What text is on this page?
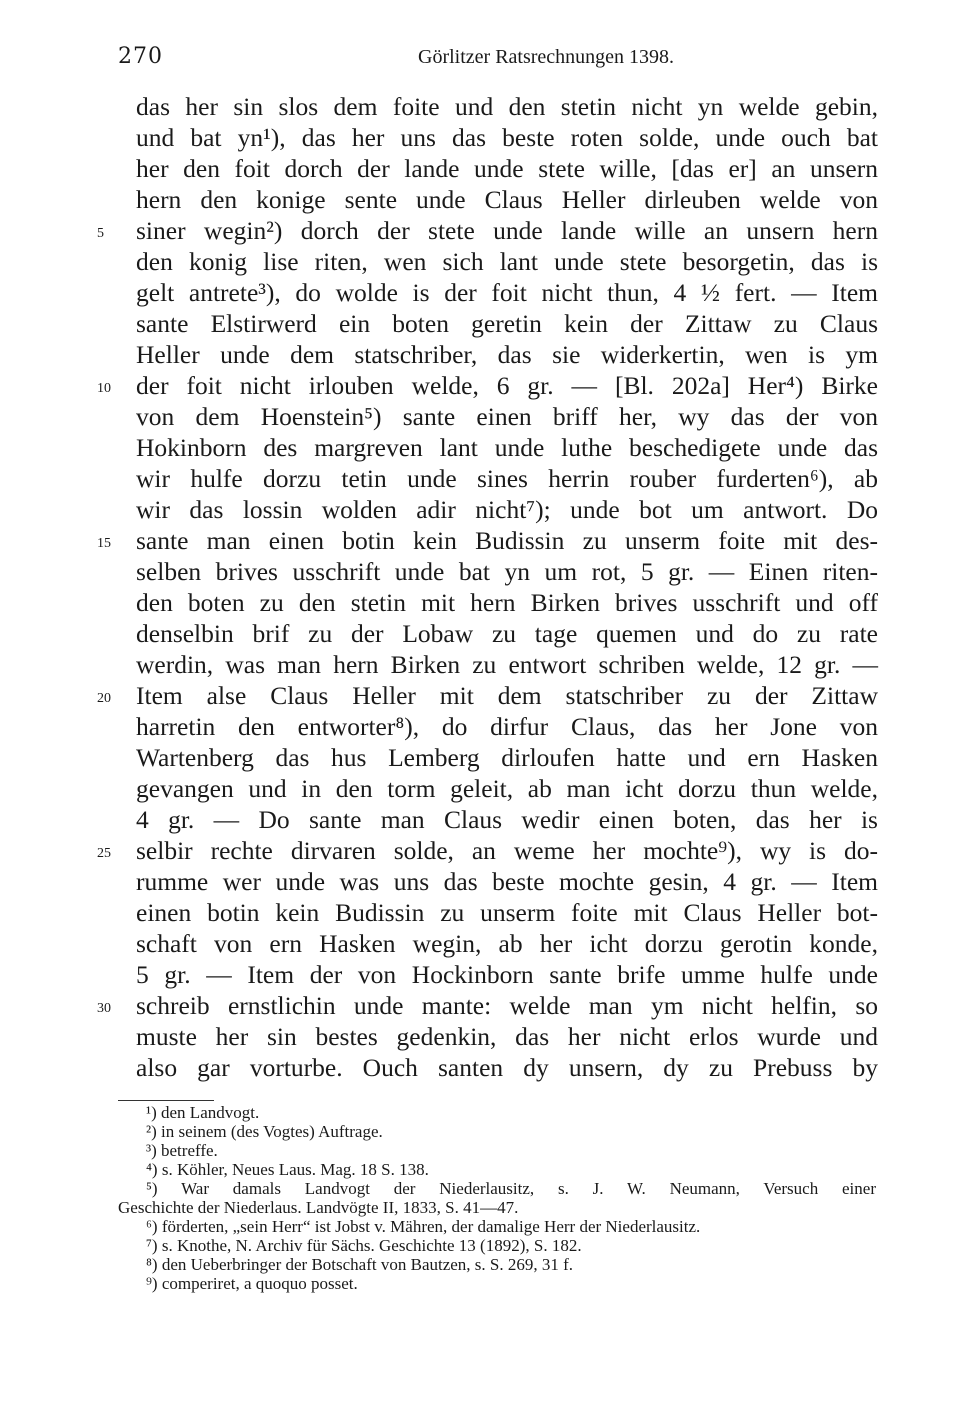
270	Görlitzer Ratsrechnungen 1398.
das her sin slos dem foite und den stetin nicht yn welde gebin,
und bat yn¹), das her uns das beste roten solde, unde ouch bat
her den foit dorch der lande unde stete wille, [das er] an unsern
hern den konige sente unde Claus Heller dirleuben welde von
siner wegin²) dorch der stete unde lande wille an unsern hern
den konig lise riten, wen sich lant unde stete besorgetin, das is
gelt antrete³), do wolde is der foit nicht thun, 4 ½ fert. — Item
sante Elstirwerd ein boten geretin kein der Zittaw zu Claus
Heller unde dem statschriber, das sie widerkertin, wen is ym
der foit nicht irlouben welde, 6 gr. — [Bl. 202a] Her⁴) Birke
von dem Hoenstein⁵) sante einen briff her, wy das der von
Hokinborn des margreven lant unde luthe beschedigete unde das
wir hulfe dorzu tetin unde sines herrin rouber furderten⁶), ab
wir das lossin wolden adir nicht⁷); unde bot um antwort. Do
sante man einen botin kein Budissin zu unserm foite mit des-
selben brives usschrift unde bat yn um rot, 5 gr. — Einen riten-
den boten zu den stetin mit hern Birken brives usschrift und off
denselbin brif zu der Lobaw zu tage quemen und do zu rate
werdin, was man hern Birken zu entwort schriben welde, 12 gr. —
Item alse Claus Heller mit dem statschriber zu der Zittaw
harretin den entworter⁸), do dirfur Claus, das her Jone von
Wartenberg das hus Lemberg dirloufen hatte und ern Hasken
gevangen und in den torm geleit, ab man icht dorzu thun welde,
4 gr. — Do sante man Claus wedir einen boten, das her is
selbir rechte dirvaren solde, an weme her mochte⁹), wy is do-
rumme wer unde was uns das beste mochte gesin, 4 gr. — Item
einen botin kein Budissin zu unserm foite mit Claus Heller bot-
schaft von ern Hasken wegin, ab her icht dorzu gerotin konde,
5 gr. — Item der von Hockinborn sante brife umme hulfe unde
schreib ernstlichin unde mante: welde man ym nicht helfin, so
muste her sin bestes gedenkin, das her nicht erlos wurde und
also gar vorturbe. Ouch santen dy unsern, dy zu Prebuss by
5
10
15
20
25
30
¹) den Landvogt.
²) in seinem (des Vogtes) Auftrage.
³) betreffe.
⁴) s. Köhler, Neues Laus. Mag. 18 S. 138.
⁵) War damals Landvogt der Niederlausitz, s. J. W. Neumann, Versuch einer
Geschichte der Niederlaus. Landvögte II, 1833, S. 41—47.
⁶) förderten, „sein Herr“ ist Jobst v. Mähren, der damalige Herr der Niederlausitz.
⁷) s. Knothe, N. Archiv für Sächs. Geschichte 13 (1892), S. 182.
⁸) den Ueberbringer der Botschaft von Bautzen, s. S. 269, 31 f.
⁹) comperiret, a quoquo posset.
